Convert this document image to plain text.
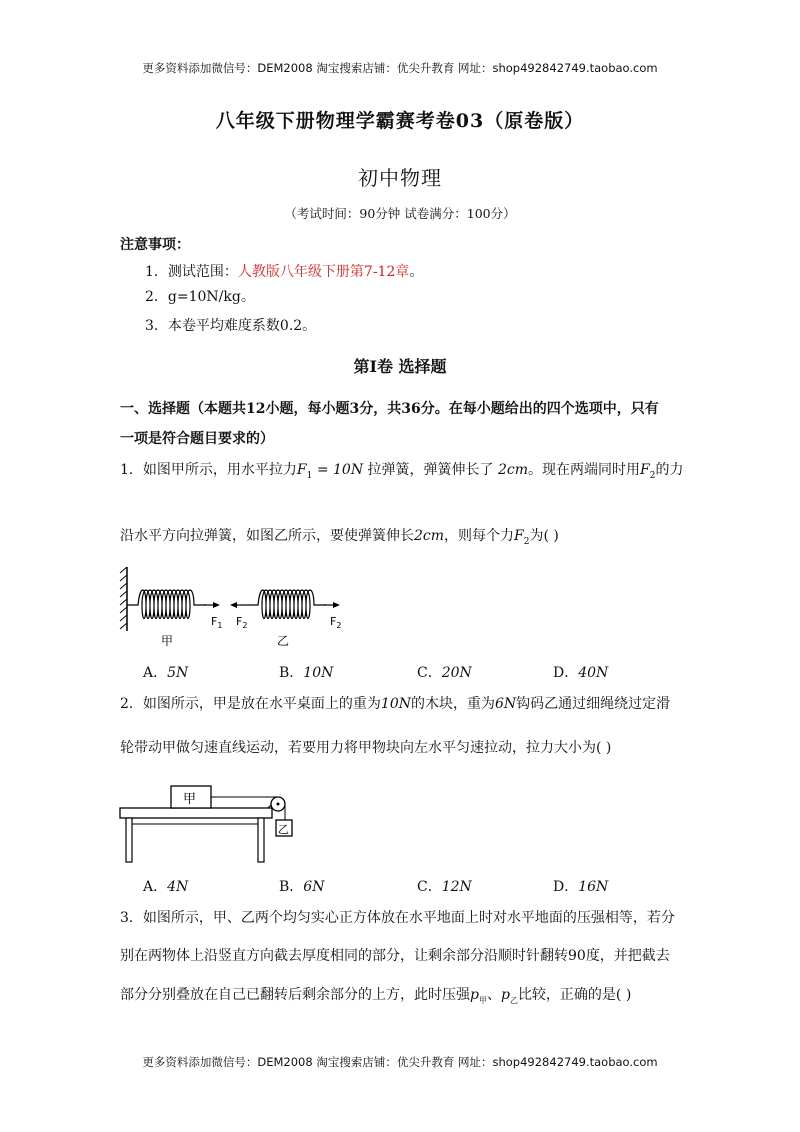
更多资料添加微信号：DEM2008 淘宝搜索店铺：优尖升教育 网址：shop492842749.taobao.com
八年级下册物理学霸赛考卷03（原卷版）
初中物理
（考试时间：90分钟 试卷满分：100分）
注意事项：
1．测试范围：人教版八年级下册第7-12章。
2．g=10N/kg。
3．本卷平均难度系数0.2。
第Ⅰ卷 选择题
一、选择题（本题共12小题，每小题3分，共36分。在每小题给出的四个选项中，只有
一项是符合题目要求的）
1．如图甲所示，用水平拉力$F_1 = 10N$ 拉弹簧，弹簧伸长了 2cm。现在两端同时用$F_2$的力
沿水平方向拉弹簧，如图乙所示，要使弹簧伸长2cm，则每个力$F_2$为( )
$F_1$ $F_2$	$F_2$
甲	乙
A．5N	B．10N	C．20N	D．40N
2．如图所示，甲是放在水平桌面上的重为10N的木块，重为6N钩码乙通过细绳绕过定滑
轮带动甲做匀速直线运动，若要用力将甲物块向左水平匀速拉动，拉力大小为( )
甲
乙
A．4N	B．6N	C．12N	D．16N
3．如图所示，甲、乙两个均匀实心正方体放在水平地面上时对水平地面的压强相等，若分
别在两物体上沿竖直方向截去厚度相同的部分，让剩余部分沿顺时针翻转90度，并把截去
部分分别叠放在自己已翻转后剩余部分的上方，此时压强$p_甲$、$p_乙$比较，正确的是( )
更多资料添加微信号：DEM2008 淘宝搜索店铺：优尖升教育 网址：shop492842749.taobao.com
